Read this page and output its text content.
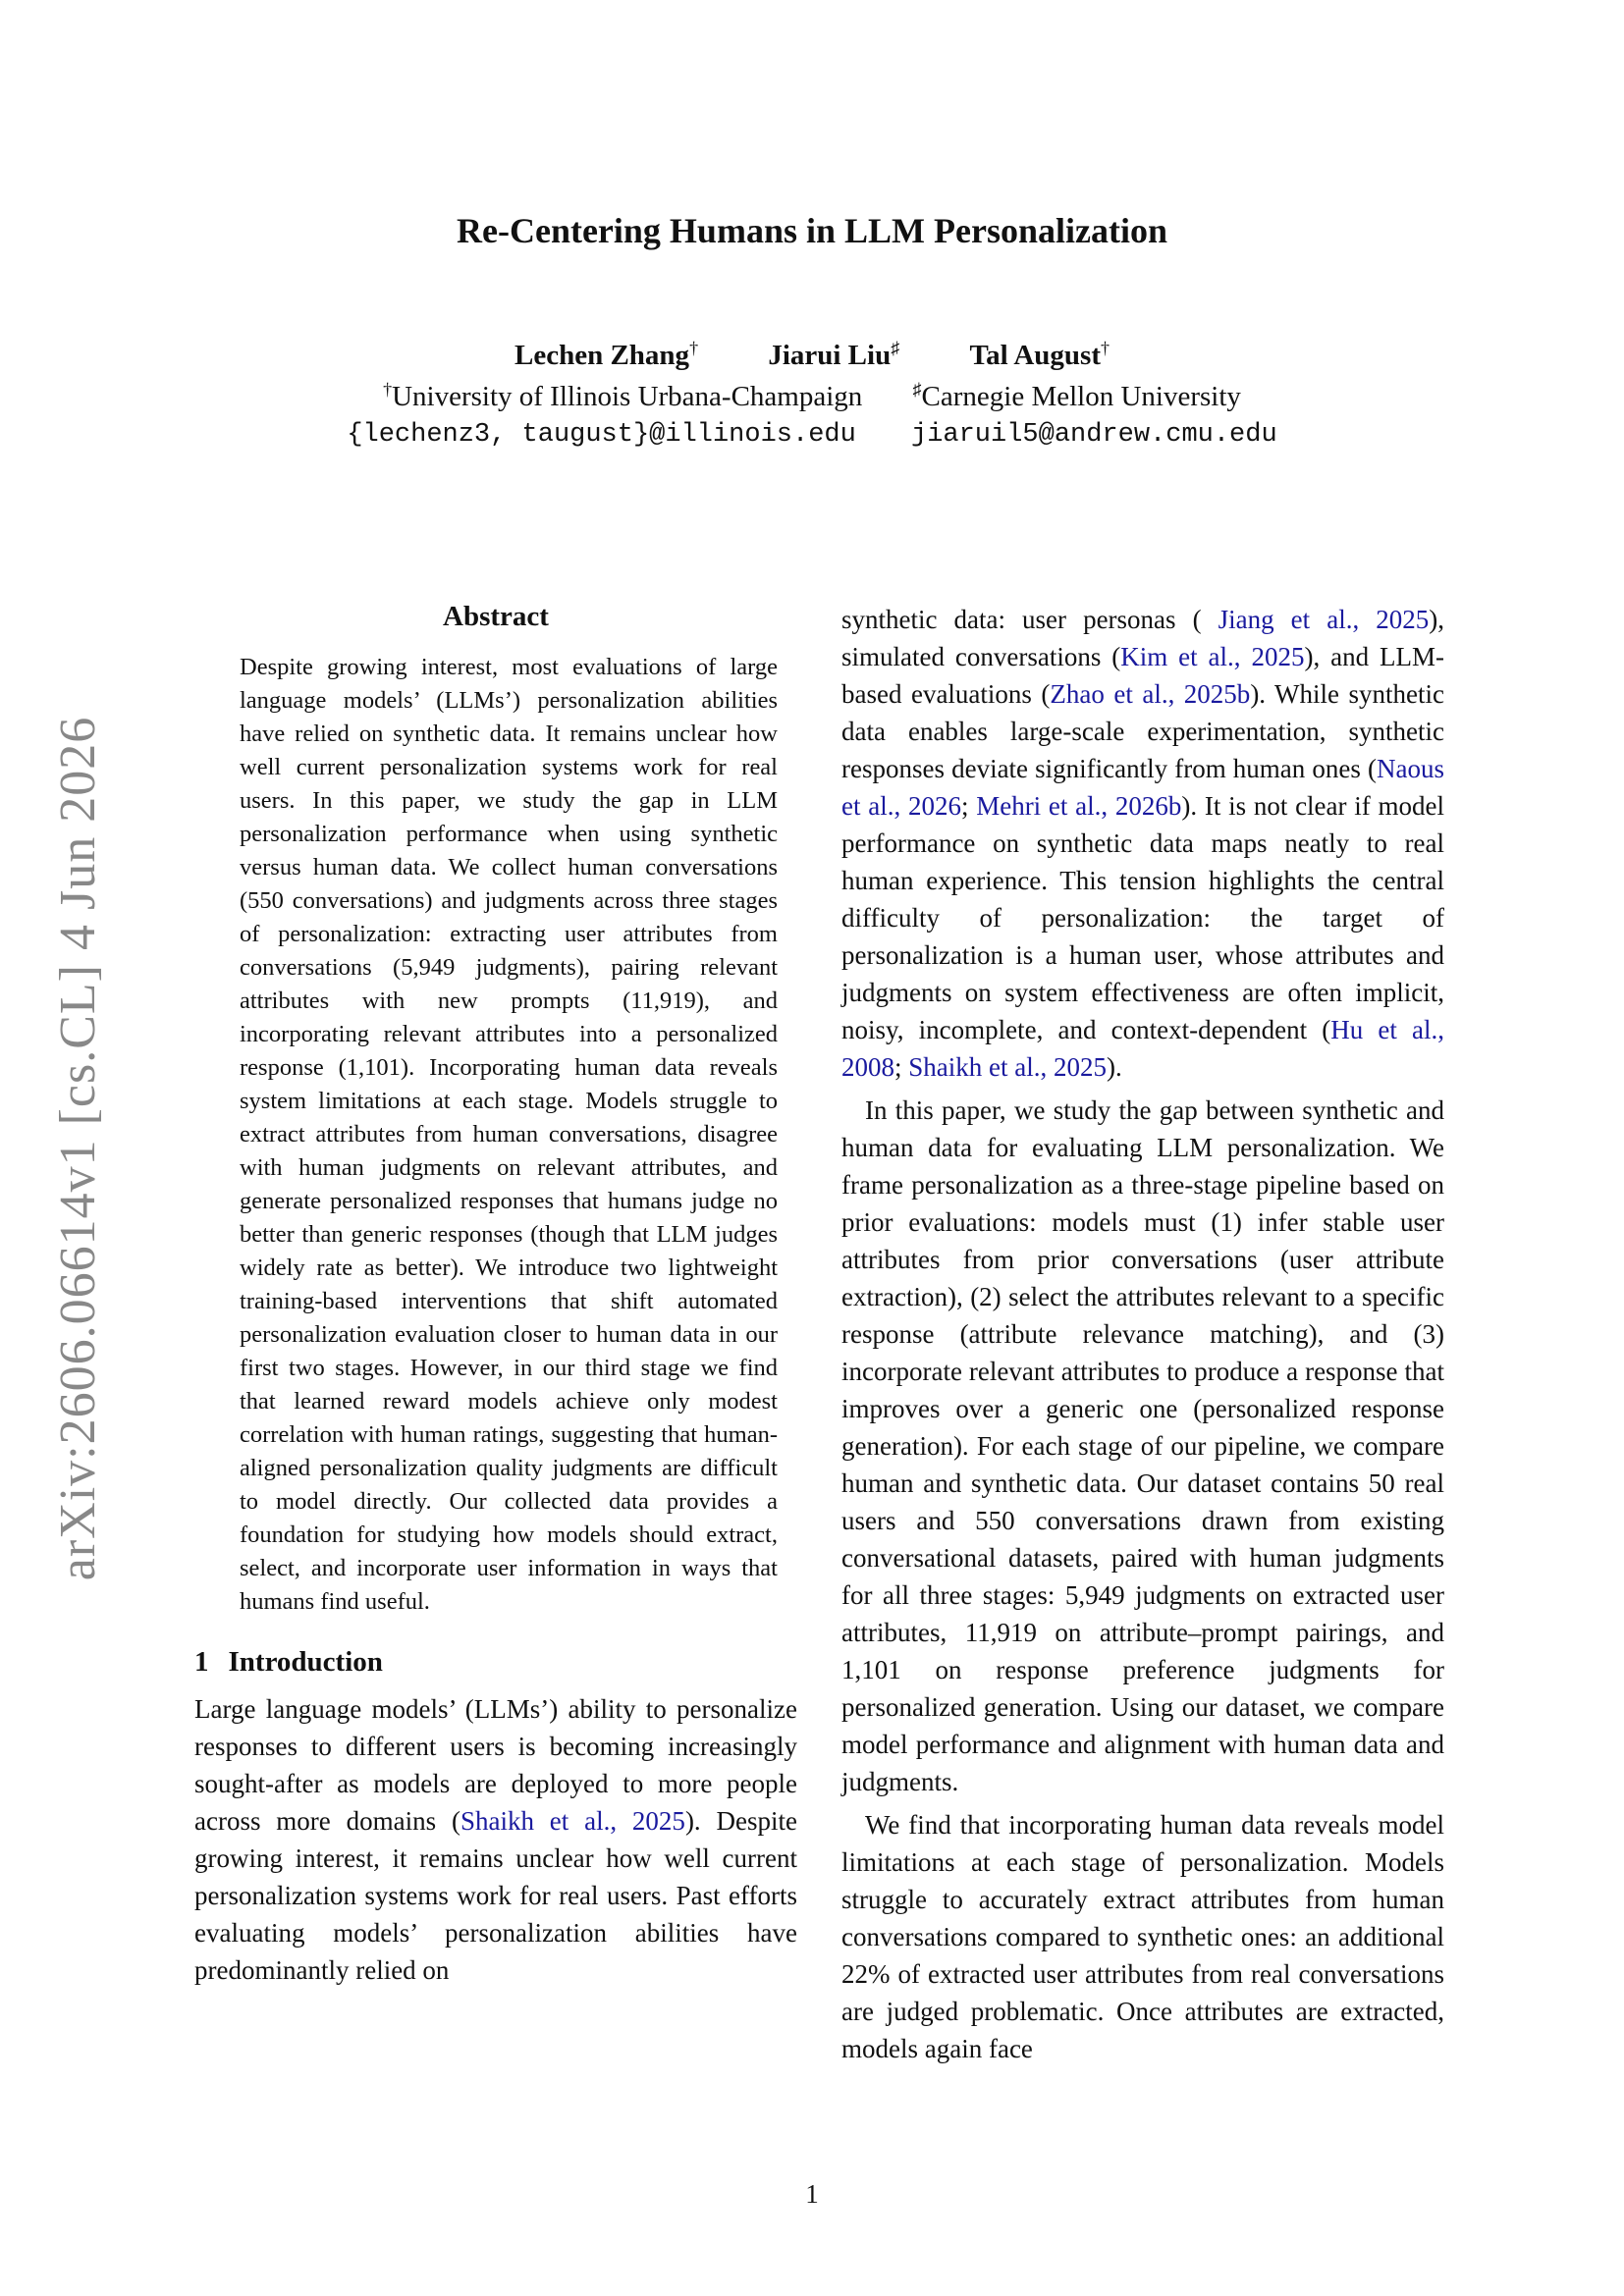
arXiv:2606.06614v1 [cs.CL] 4 Jun 2026
Re-Centering Humans in LLM Personalization
Lechen Zhang† Jiarui Liu♯ Tal August†
†University of Illinois Urbana-Champaign	♯Carnegie Mellon University
{lechenz3, taugust}@illinois.edu jiaruil5@andrew.cmu.edu
Abstract

Despite growing interest, most evaluations of large language models’ (LLMs’) personalization abilities have relied on synthetic data. It remains unclear how well current personalization systems work for real users. In this paper, we study the gap in LLM personalization performance when using synthetic versus human data. We collect human conversations (550 conversations) and judgments across three stages of personalization: extracting user attributes from conversations (5,949 judgments), pairing relevant attributes with new prompts (11,919), and incorporating relevant attributes into a personalized response (1,101). Incorporating human data reveals system limitations at each stage. Models struggle to extract attributes from human conversations, disagree with human judgments on relevant attributes, and generate personalized responses that humans judge no better than generic responses (though that LLM judges widely rate as better). We introduce two lightweight training-based interventions that shift automated personalization evaluation closer to human data in our first two stages. However, in our third stage we find that learned reward models achieve only modest correlation with human ratings, suggesting that human-aligned personalization quality judgments are difficult to model directly. Our collected data provides a foundation for studying how models should extract, select, and incorporate user information in ways that humans find useful.

1 Introduction

Large language models’ (LLMs’) ability to personalize responses to different users is becoming increasingly sought-after as models are deployed to more people across more domains (Shaikh et al., 2025). Despite growing interest, it remains unclear how well current personalization systems work for real users. Past efforts evaluating models’ personalization abilities have predominantly relied on

synthetic data: user personas ( Jiang et al., 2025), simulated conversations (Kim et al., 2025), and LLM-based evaluations (Zhao et al., 2025b). While synthetic data enables large-scale experimentation, synthetic responses deviate significantly from human ones (Naous et al., 2026; Mehri et al., 2026b). It is not clear if model performance on synthetic data maps neatly to real human experience. This tension highlights the central difficulty of personalization: the target of personalization is a human user, whose attributes and judgments on system effectiveness are often implicit, noisy, incomplete, and context-dependent (Hu et al., 2008; Shaikh et al., 2025).

In this paper, we study the gap between synthetic and human data for evaluating LLM personalization. We frame personalization as a three-stage pipeline based on prior evaluations: models must (1) infer stable user attributes from prior conversations (user attribute extraction), (2) select the attributes relevant to a specific response (attribute relevance matching), and (3) incorporate relevant attributes to produce a response that improves over a generic one (personalized response generation). For each stage of our pipeline, we compare human and synthetic data. Our dataset contains 50 real users and 550 conversations drawn from existing conversational datasets, paired with human judgments for all three stages: 5,949 judgments on extracted user attributes, 11,919 on attribute–prompt pairings, and 1,101 on response preference judgments for personalized generation. Using our dataset, we compare model performance and alignment with human data and judgments.

We find that incorporating human data reveals model limitations at each stage of personalization. Models struggle to accurately extract attributes from human conversations compared to synthetic ones: an additional 22% of extracted user attributes from real conversations are judged problematic. Once attributes are extracted, models again face

1
